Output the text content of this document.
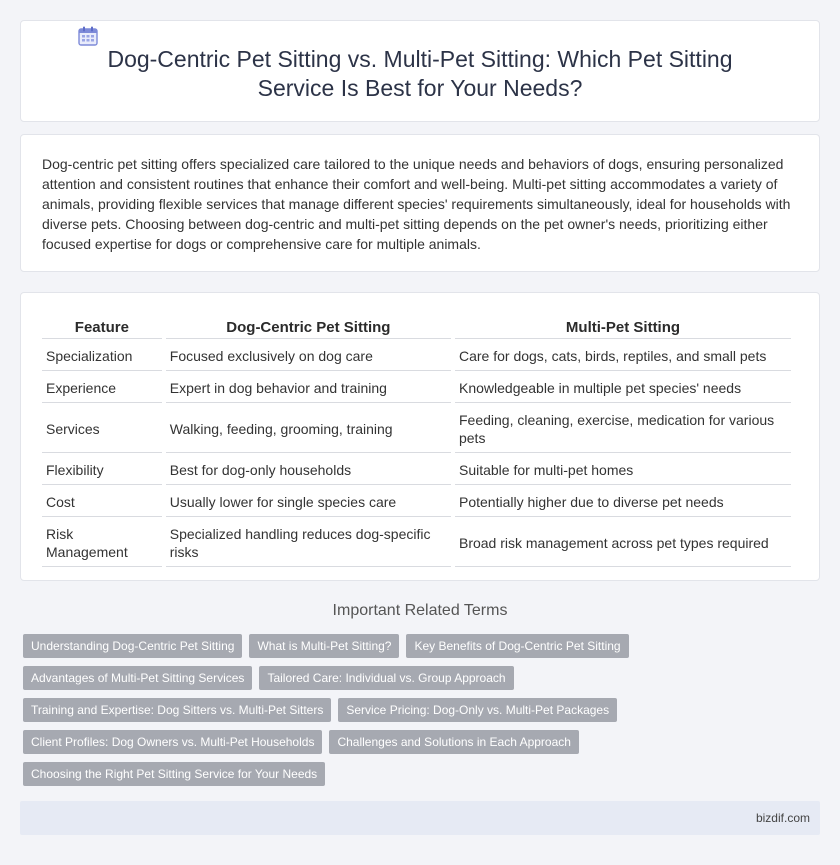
Dog-Centric Pet Sitting vs. Multi-Pet Sitting: Which Pet Sitting Service Is Best for Your Needs?

Dog-centric pet sitting offers specialized care tailored to the unique needs and behaviors of dogs, ensuring personalized attention and consistent routines that enhance their comfort and well-being. Multi-pet sitting accommodates a variety of animals, providing flexible services that manage different species' requirements simultaneously, ideal for households with diverse pets. Choosing between dog-centric and multi-pet sitting depends on the pet owner's needs, prioritizing either focused expertise for dogs or comprehensive care for multiple animals.

Feature	Dog-Centric Pet Sitting	Multi-Pet Sitting
Specialization	Focused exclusively on dog care	Care for dogs, cats, birds, reptiles, and small pets
Experience	Expert in dog behavior and training	Knowledgeable in multiple pet species' needs
Services	Walking, feeding, grooming, training	Feeding, cleaning, exercise, medication for various pets
Flexibility	Best for dog-only households	Suitable for multi-pet homes
Cost	Usually lower for single species care	Potentially higher due to diverse pet needs
Risk Management	Specialized handling reduces dog-specific risks	Broad risk management across pet types required
Important Related Terms
Understanding Dog-Centric Pet Sitting	What is Multi-Pet Sitting?	Key Benefits of Dog-Centric Pet Sitting
Advantages of Multi-Pet Sitting Services	Tailored Care: Individual vs. Group Approach
Training and Expertise: Dog Sitters vs. Multi-Pet Sitters	Service Pricing: Dog-Only vs. Multi-Pet Packages
Client Profiles: Dog Owners vs. Multi-Pet Households	Challenges and Solutions in Each Approach
Choosing the Right Pet Sitting Service for Your Needs
bizdif.com
